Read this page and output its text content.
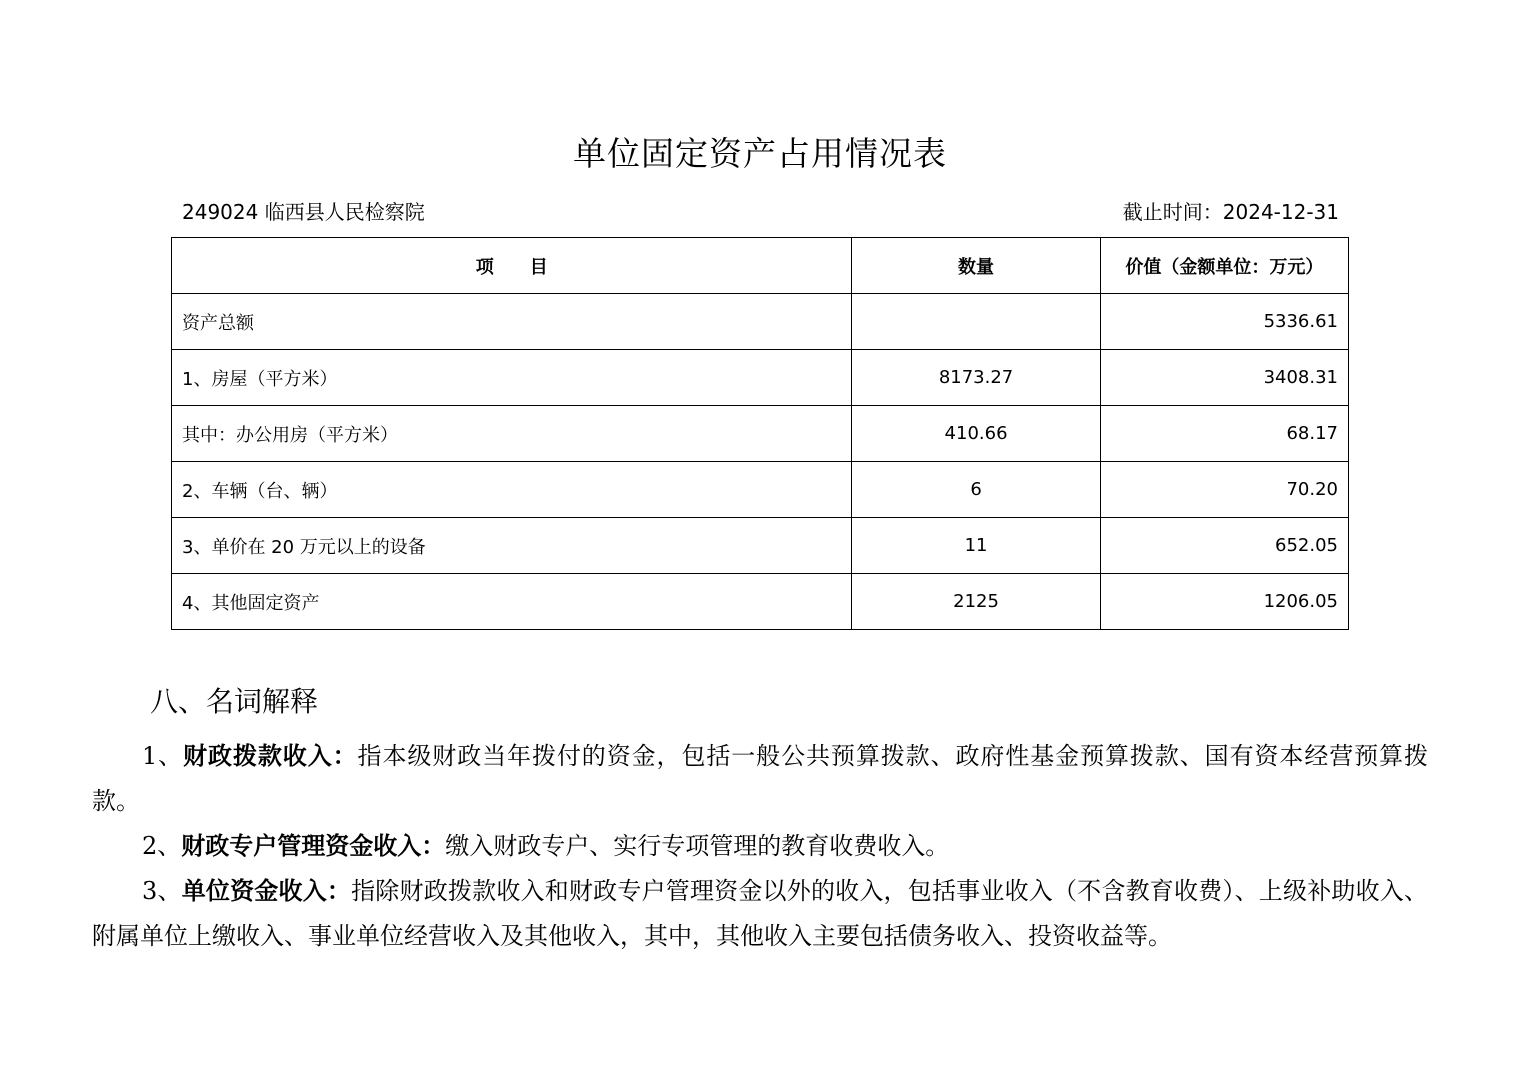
单位固定资产占用情况表
249024 临西县人民检察院	截止时间：2024-12-31
项　　目	数量	价值（金额单位：万元）
资产总额		5336.61
1、房屋（平方米）	8173.27	3408.31
其中：办公用房（平方米）	410.66	68.17
2、车辆（台、辆）	6	70.20
3、单价在 20 万元以上的设备	11	652.05
4、其他固定资产	2125	1206.05
八、名词解释

1、财政拨款收入：指本级财政当年拨付的资金，包括一般公共预算拨款、政府性基金预算拨款、国有资本经营预算拨款。

2、财政专户管理资金收入：缴入财政专户、实行专项管理的教育收费收入。

3、单位资金收入：指除财政拨款收入和财政专户管理资金以外的收入，包括事业收入（不含教育收费）、上级补助收入、附属单位上缴收入、事业单位经营收入及其他收入，其中，其他收入主要包括债务收入、投资收益等。
